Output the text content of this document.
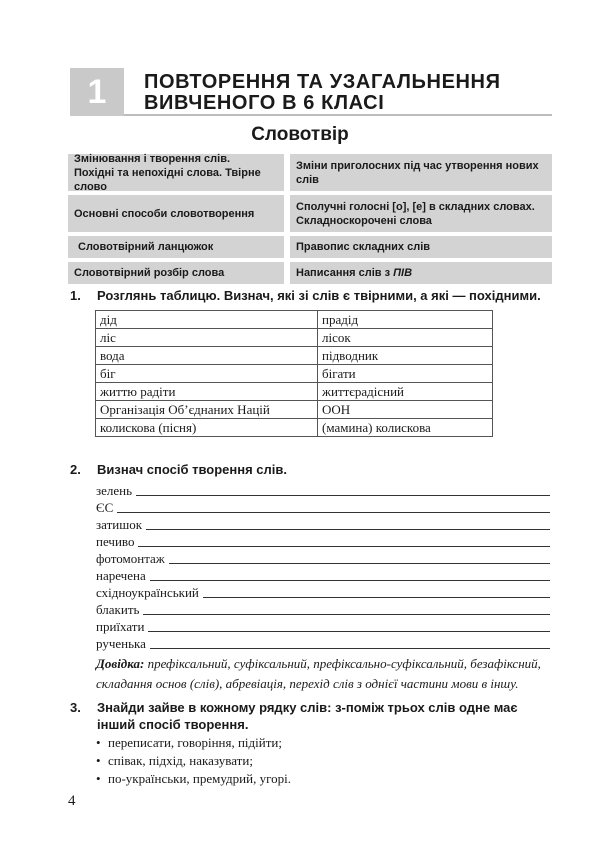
1	ПОВТОРЕННЯ ТА УЗАГАЛЬНЕННЯ
ВИВЧЕНОГО В 6 КЛАСІ
Словотвір
Змінювання і творення слів.
Похідні та непохідні слова. Твірне слово
Зміни приголосних під час утворення нових слів
Основні способи словотворення
Сполучні голосні [о], [е] в складних словах.
Складноскорочені слова
Словотвірний ланцюжок	Правопис складних слів
Словотвірний розбір слова	Написання слів з ПІВ
1. Розглянь таблицю. Визнач, які зі слів є твірними, а які — похідними.
дід	прадід
ліс	лісок
вода	підводник
біг	бігати
життю радіти	життєрадісний
Організація Об’єднаних Націй	ООН
колискова (пісня)	(мамина) колискова
2. Визнач спосіб творення слів.
зелень
ЄС
затишок
печиво
фотомонтаж
наречена
східноукраїнський
блакить
приїхати
рученька
Довідка: префіксальний, суфіксальний, префіксально-суфіксальний, безафіксний, складання основ (слів), абревіація, перехід слів з однієї частини мови в іншу.
3. Знайди зайве в кожному рядку слів: з-поміж трьох слів одне має інший спосіб творення.
• переписати, говоріння, підійти;
• співак, підхід, наказувати;
• по-українськи, премудрий, угорі.
4
